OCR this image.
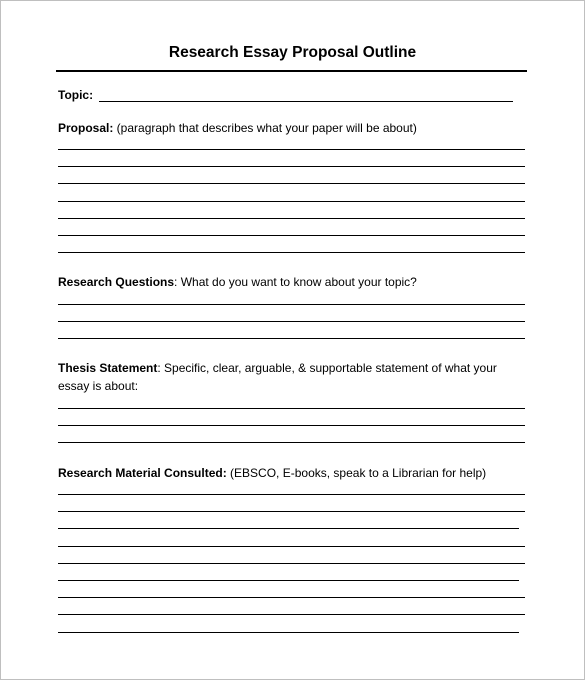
Research Essay Proposal Outline
Topic:
Proposal: (paragraph that describes what your paper will be about)
Research Questions: What do you want to know about your topic?
Thesis Statement: Specific, clear, arguable, & supportable statement of what your essay is about:
Research Material Consulted: (EBSCO, E-books, speak to a Librarian for help)
